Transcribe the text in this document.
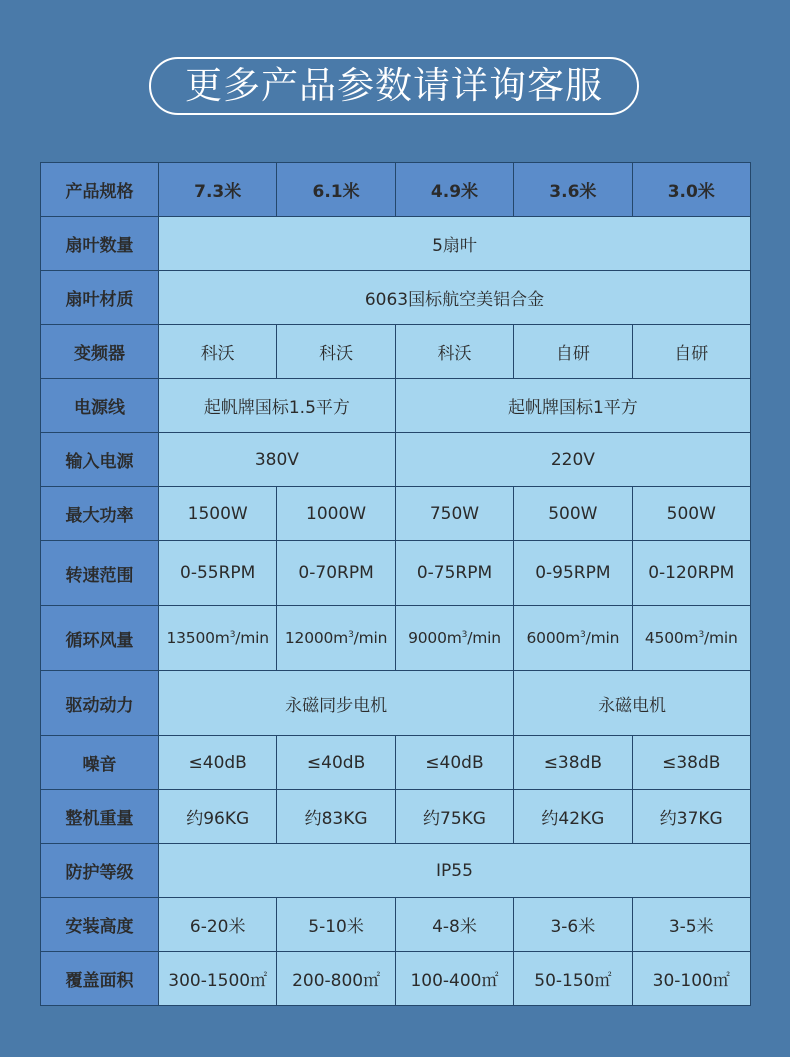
更多产品参数请详询客服
产品规格	7.3米	6.1米	4.9米	3.6米	3.0米
扇叶数量	5扇叶				
扇叶材质	6063国标航空美铝合金				
变频器	科沃	科沃	科沃	自研	自研
电源线	起帆牌国标1.5平方		起帆牌国标1平方		
输入电源	380V		220V		
最大功率	1500W	1000W	750W	500W	500W
转速范围	0-55RPM	0-70RPM	0-75RPM	0-95RPM	0-120RPM
循环风量	$13500m^3/\min$	$12000m^3/\min$	$9000m^3/\min$	$6000m^3/\min$	$4500m^3/\min$
驱动动力	永磁同步电机			永磁电机	
噪音	≤40dB	≤40dB	≤40dB	≤38dB	≤38dB
整机重量	约96KG	约83KG	约75KG	约42KG	约37KG
防护等级	IP55				
安装高度	6-20米	5-10米	4-8米	3-6米	3-5米
覆盖面积	300-1500㎡	200-800㎡	100-400㎡	50-150㎡	30-100㎡
